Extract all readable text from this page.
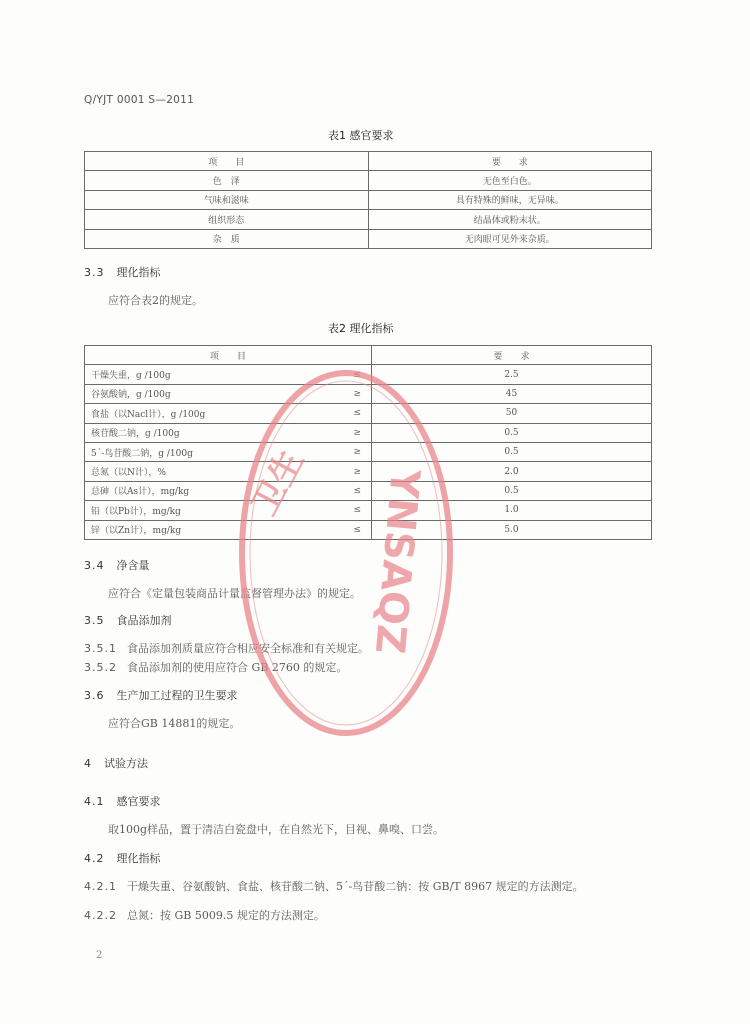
Q/YJT 0001 S—2011
表1 感官要求
项　　目	要　　求
色　泽	无色至白色。
气味和滋味	具有特殊的鲜味，无异味。
组织形态	结晶体或粉末状。
杂　质	无肉眼可见外来杂质。
3.3 理化指标
应符合表2的规定。
表2 理化指标
项　　目		要　　求
干燥失重，g /100g	≤	2.5
谷氨酸钠，g /100g	≥	45
食盐（以Nacl计），g /100g	≤	50
核苷酸二钠，g /100g	≥	0.5
5´-鸟苷酸二钠，g /100g	≥	0.5
总氮（以N计），%	≥	2.0
总砷（以As计），mg/kg	≤	0.5
铅（以Pb计），mg/kg	≤	1.0
锌（以Zn计），mg/kg	≤	5.0
3.4 净含量
应符合《定量包装商品计量监督管理办法》的规定。
3.5 食品添加剂
3.5.1 食品添加剂质量应符合相应安全标准和有关规定。
3.5.2 食品添加剂的使用应符合 GB 2760 的规定。
3.6 生产加工过程的卫生要求
应符合GB 14881的规定。
4 试验方法
4.1 感官要求
取100g样品，置于清洁白瓷盘中，在自然光下，目视、鼻嗅、口尝。
4.2 理化指标
4.2.1 干燥失重、谷氨酸钠、食盐、核苷酸二钠、5´-鸟苷酸二钠：按 GB/T 8967 规定的方法测定。
4.2.2 总氮：按 GB 5009.5 规定的方法测定。
2
卫生 YNSAQZ
